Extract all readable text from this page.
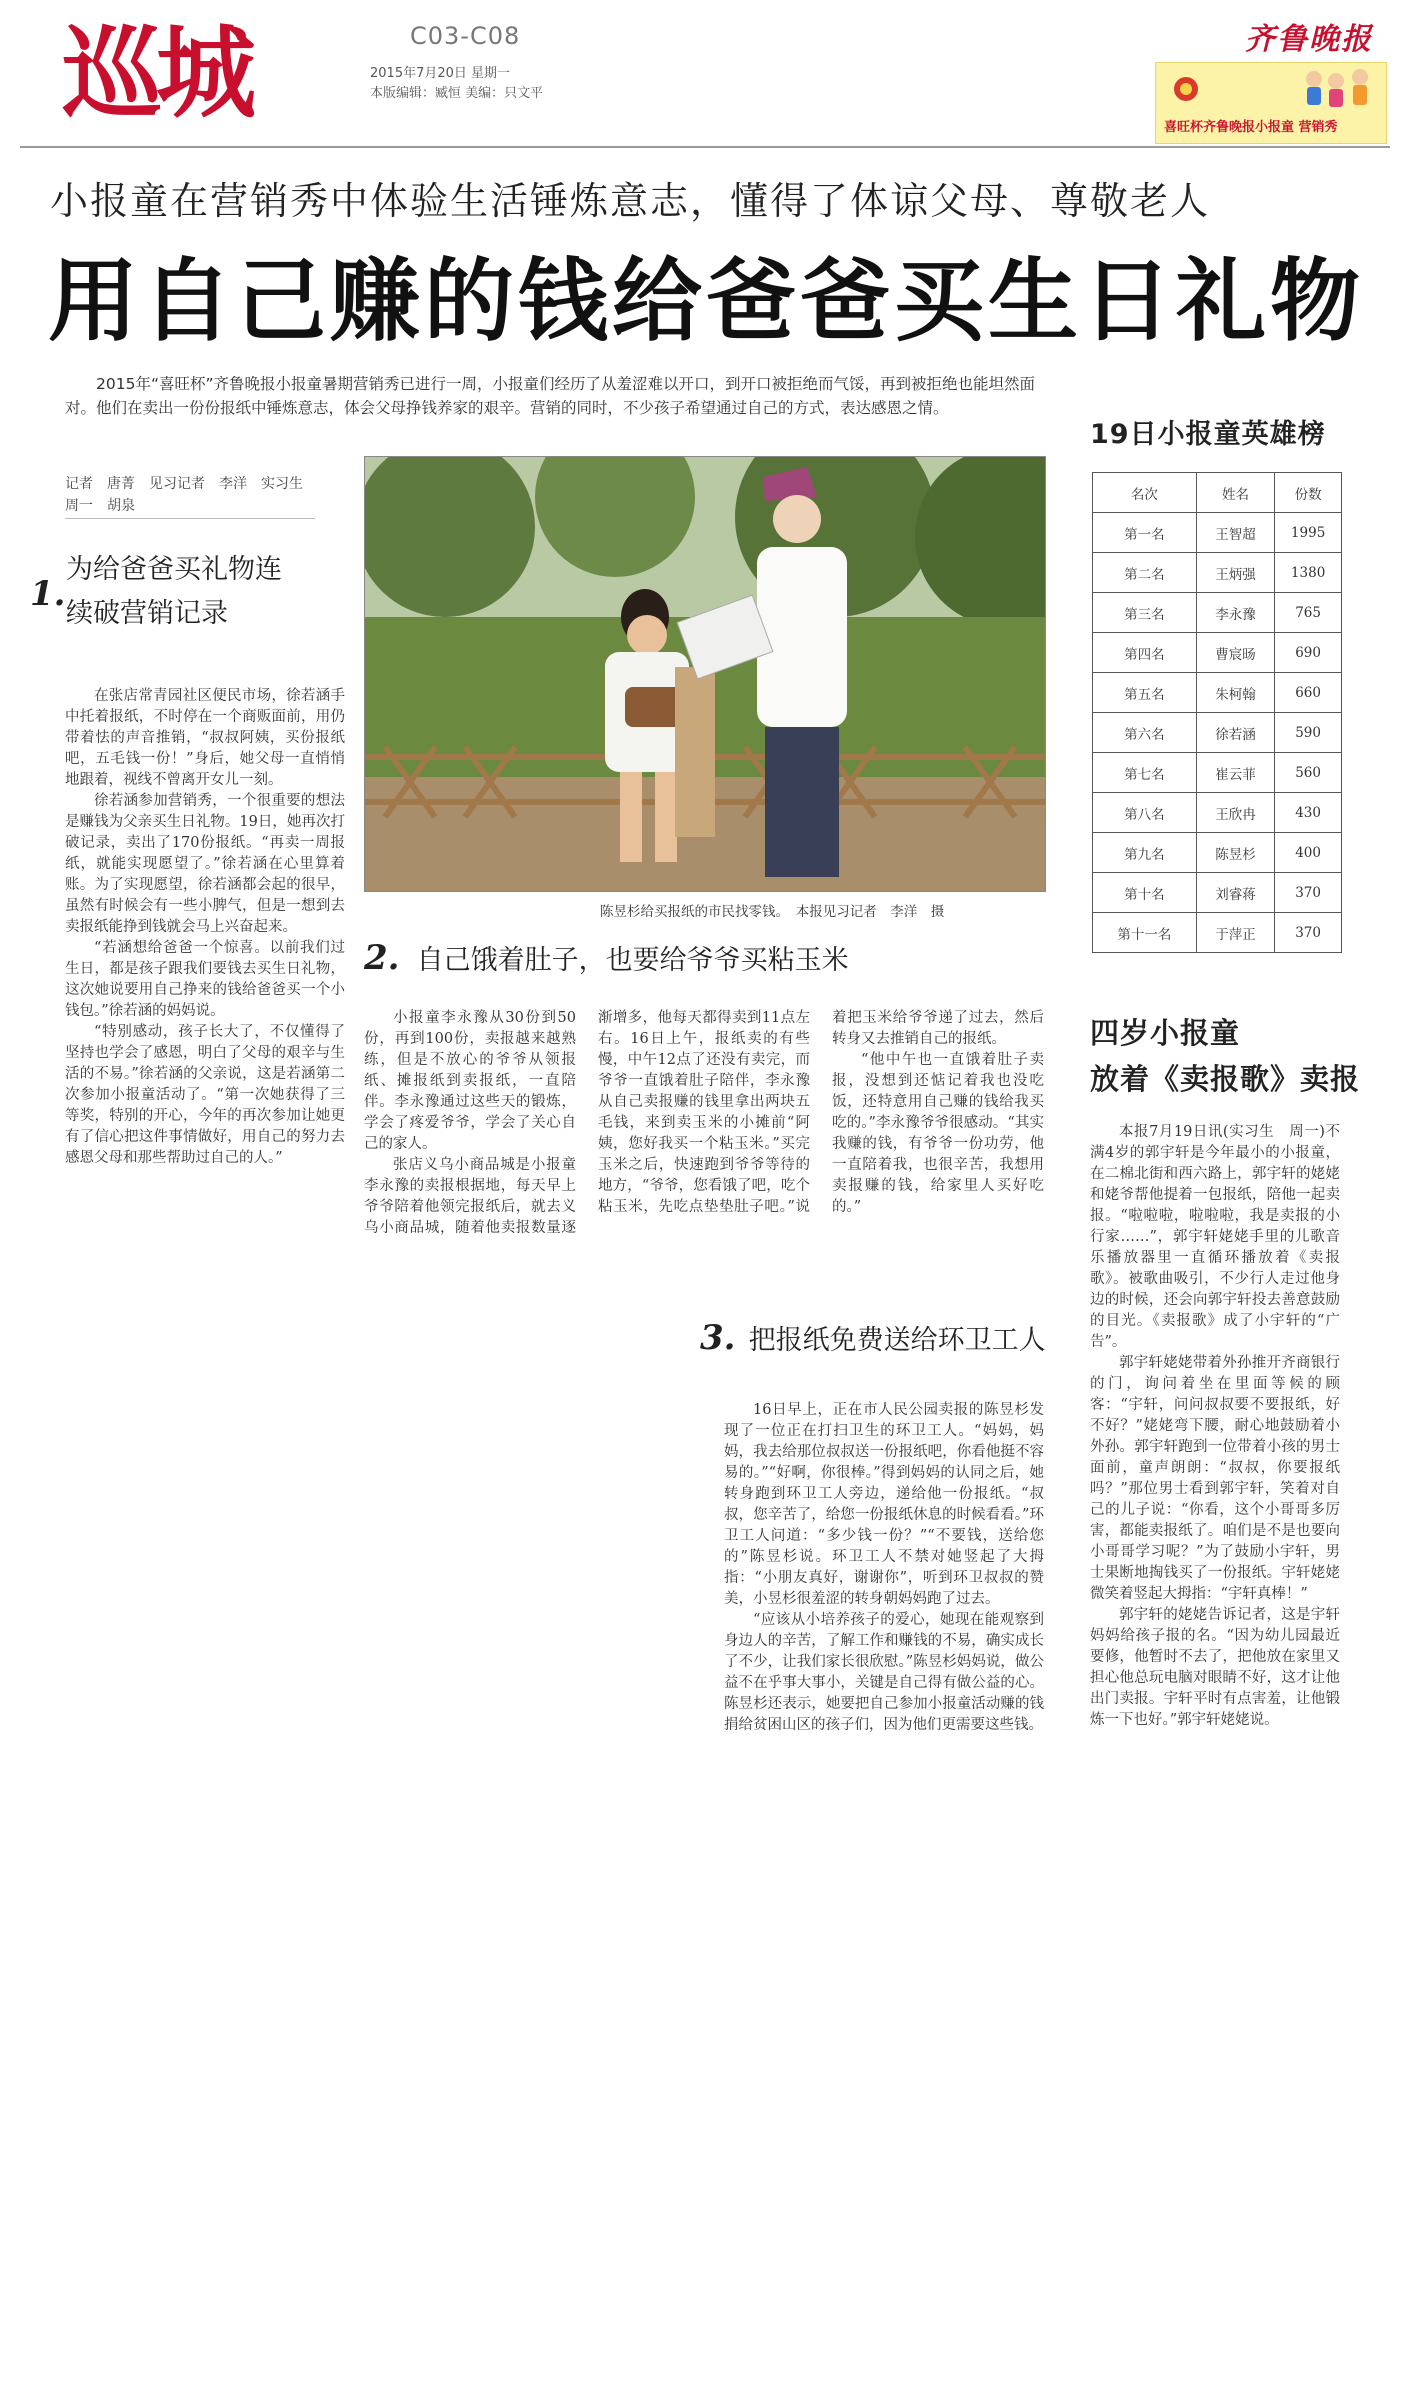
巡城	C03-C08
2015年7月20日 星期一
本版编辑：臧恒 美编：只文平
齐鲁晚报
喜旺杯齐鲁晚报小报童 营销秀
小报童在营销秀中体验生活锤炼意志，懂得了体谅父母、尊敬老人
用自己赚的钱给爸爸买生日礼物

2015年“喜旺杯”齐鲁晚报小报童暑期营销秀已进行一周，小报童们经历了从羞涩难以开口，到开口被拒绝而气馁，再到被拒绝也能坦然面对。他们在卖出一份份报纸中锤炼意志，体会父母挣钱养家的艰辛。营销的同时，不少孩子希望通过自己的方式，表达感恩之情。

记者　唐菁　见习记者　李洋　实习生　周一　胡泉
1.
为给爸爸买礼物连续破营销记录

在张店常青园社区便民市场，徐若涵手中托着报纸，不时停在一个商贩面前，用仍带着怯的声音推销，“叔叔阿姨，买份报纸吧，五毛钱一份！”身后，她父母一直悄悄地跟着，视线不曾离开女儿一刻。

徐若涵参加营销秀，一个很重要的想法是赚钱为父亲买生日礼物。19日，她再次打破记录，卖出了170份报纸。“再卖一周报纸，就能实现愿望了。”徐若涵在心里算着账。为了实现愿望，徐若涵都会起的很早，虽然有时候会有一些小脾气，但是一想到去卖报纸能挣到钱就会马上兴奋起来。

“若涵想给爸爸一个惊喜。以前我们过生日，都是孩子跟我们要钱去买生日礼物，这次她说要用自己挣来的钱给爸爸买一个小钱包。”徐若涵的妈妈说。

“特别感动，孩子长大了，不仅懂得了坚持也学会了感恩，明白了父母的艰辛与生活的不易。”徐若涵的父亲说，这是若涵第二次参加小报童活动了。“第一次她获得了三等奖，特别的开心，今年的再次参加让她更有了信心把这件事情做好，用自己的努力去感恩父母和那些帮助过自己的人。”

陈昱杉给买报纸的市民找零钱。　本报见习记者　李洋　摄
2. 自己饿着肚子，也要给爷爷买粘玉米

小报童李永豫从30份到50份，再到100份，卖报越来越熟练，但是不放心的爷爷从领报纸、摊报纸到卖报纸，一直陪伴。李永豫通过这些天的锻炼，学会了疼爱爷爷，学会了关心自己的家人。

张店义乌小商品城是小报童李永豫的卖报根据地，每天早上爷爷陪着他领完报纸后，就去义乌小商品城，随着他卖报数量逐渐增多，他每天都得卖到11点左右。16日上午，报纸卖的有些慢，中午12点了还没有卖完，而爷爷一直饿着肚子陪伴，李永豫从自己卖报赚的钱里拿出两块五毛钱，来到卖玉米的小摊前“阿姨，您好我买一个粘玉米。”买完玉米之后，快速跑到爷爷等待的地方，“爷爷，您看饿了吧，吃个粘玉米，先吃点垫垫肚子吧。”说着把玉米给爷爷递了过去，然后转身又去推销自己的报纸。

“他中午也一直饿着肚子卖报，没想到还惦记着我也没吃饭，还特意用自己赚的钱给我买吃的。”李永豫爷爷很感动。“其实我赚的钱，有爷爷一份功劳，他一直陪着我，也很辛苦，我想用卖报赚的钱，给家里人买好吃的。”

3. 把报纸免费送给环卫工人

16日早上，正在市人民公园卖报的陈昱杉发现了一位正在打扫卫生的环卫工人。“妈妈，妈妈，我去给那位叔叔送一份报纸吧，你看他挺不容易的。”“好啊，你很棒。”得到妈妈的认同之后，她转身跑到环卫工人旁边，递给他一份报纸。“叔叔，您辛苦了，给您一份报纸休息的时候看看。”环卫工人问道：“多少钱一份？”“不要钱，送给您的”陈昱杉说。环卫工人不禁对她竖起了大拇指：“小朋友真好，谢谢你”，听到环卫叔叔的赞美，小昱杉很羞涩的转身朝妈妈跑了过去。

“应该从小培养孩子的爱心，她现在能观察到身边人的辛苦，了解工作和赚钱的不易，确实成长了不少，让我们家长很欣慰。”陈昱杉妈妈说，做公益不在乎事大事小，关键是自己得有做公益的心。陈昱杉还表示，她要把自己参加小报童活动赚的钱捐给贫困山区的孩子们，因为他们更需要这些钱。

19日小报童英雄榜
名次	姓名	份数
第一名	王智超	1995
第二名	王炳强	1380
第三名	李永豫	765
第四名	曹宸旸	690
第五名	朱柯翰	660
第六名	徐若涵	590
第七名	崔云菲	560
第八名	王欣冉	430
第九名	陈昱杉	400
第十名	刘睿蒋	370
第十一名	于萍正	370
四岁小报童
放着《卖报歌》卖报

本报7月19日讯(实习生　周一)不满4岁的郭宇轩是今年最小的小报童，在二棉北街和西六路上，郭宇轩的姥姥和姥爷帮他提着一包报纸，陪他一起卖报。“啦啦啦，啦啦啦，我是卖报的小行家……”，郭宇轩姥姥手里的儿歌音乐播放器里一直循环播放着《卖报歌》。被歌曲吸引，不少行人走过他身边的时候，还会向郭宇轩投去善意鼓励的目光。《卖报歌》成了小宇轩的“广告”。

郭宇轩姥姥带着外孙推开齐商银行的门，询问着坐在里面等候的顾客：“宇轩，问问叔叔要不要报纸，好不好？”姥姥弯下腰，耐心地鼓励着小外孙。郭宇轩跑到一位带着小孩的男士面前，童声朗朗：“叔叔，你要报纸吗？”那位男士看到郭宇轩，笑着对自己的儿子说：“你看，这个小哥哥多厉害，都能卖报纸了。咱们是不是也要向小哥哥学习呢？”为了鼓励小宇轩，男士果断地掏钱买了一份报纸。宇轩姥姥微笑着竖起大拇指：“宇轩真棒！”

郭宇轩的姥姥告诉记者，这是宇轩妈妈给孩子报的名。“因为幼儿园最近要修，他暂时不去了，把他放在家里又担心他总玩电脑对眼睛不好，这才让他出门卖报。宇轩平时有点害羞，让他锻炼一下也好。”郭宇轩姥姥说。
